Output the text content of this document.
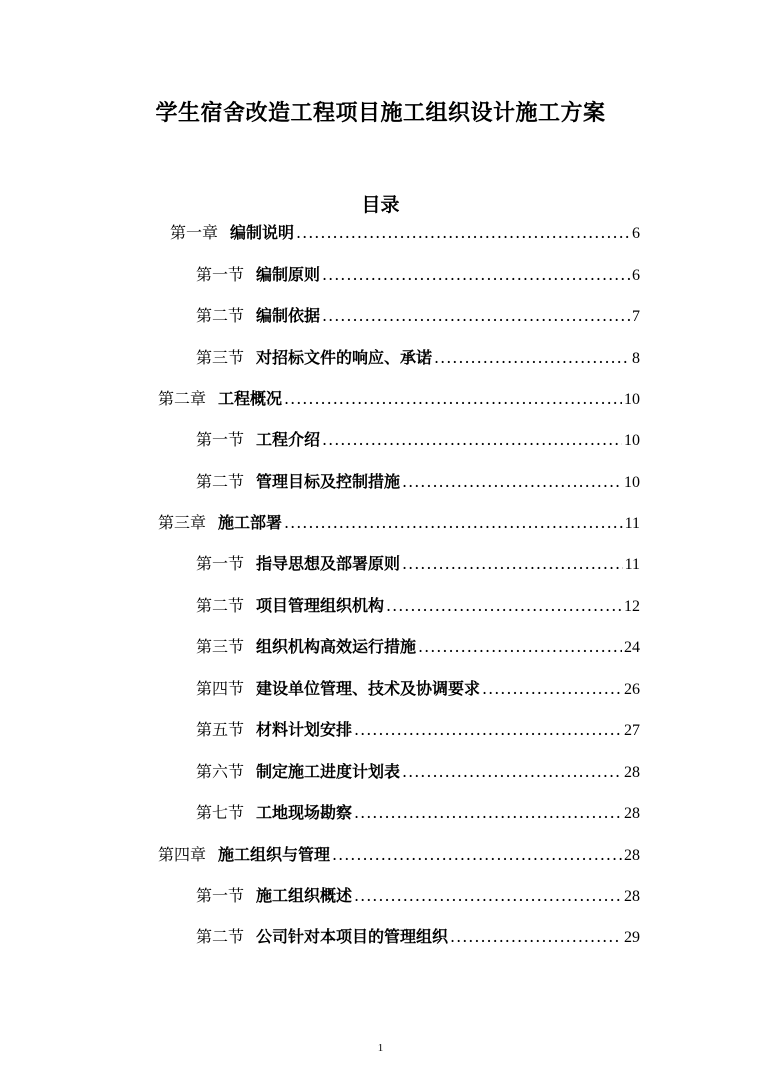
学生宿舍改造工程项目施工组织设计施工方案
目录
第一章 编制说明 .....	6
第一节 编制原则 .....	6
第二节 编制依据 .....	7
第三节 对招标文件的响应、承诺 .....	8
第二章 工程概况 .....	10
第一节 工程介绍 .....	10
第二节 管理目标及控制措施 .....	10
第三章 施工部署 .....	11
第一节 指导思想及部署原则 .....	11
第二节 项目管理组织机构 .....	12
第三节 组织机构高效运行措施 .....	24
第四节 建设单位管理、技术及协调要求 .....	26
第五节 材料计划安排 .....	27
第六节 制定施工进度计划表 .....	28
第七节 工地现场勘察 .....	28
第四章 施工组织与管理 .....	28
第一节 施工组织概述 .....	28
第二节 公司针对本项目的管理组织 .....	29
1
